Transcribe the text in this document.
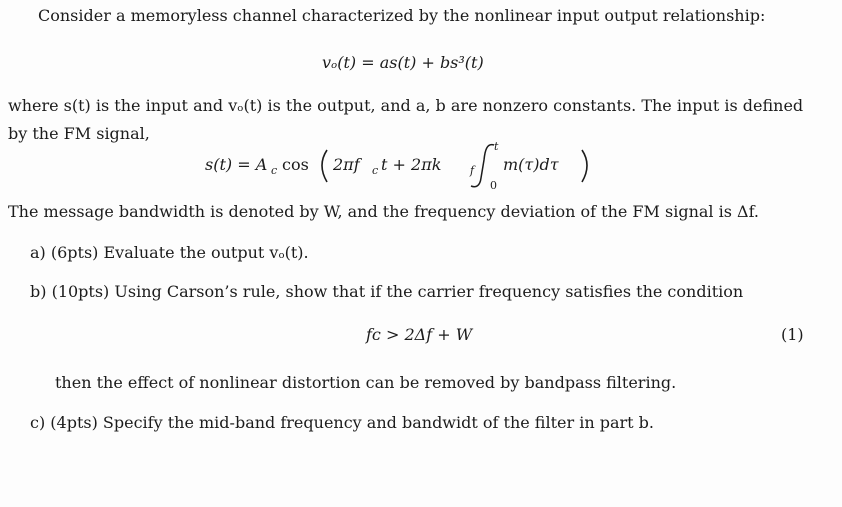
Consider a memoryless channel characterized by the nonlinear input output relationship:
vₒ(t) = as(t) + bs³(t)
where s(t) is the input and vₒ(t) is the output, and a, b are nonzero constants. The input is defined
by the FM signal,
s(t) = A c cos 2πf c t + 2πk	f
t
0
m(τ)dτ
The message bandwidth is denoted by W, and the frequency deviation of the FM signal is Δf.
a) (6pts) Evaluate the output vₒ(t).
b) (10pts) Using Carson’s rule, show that if the carrier frequency satisfies the condition
fᴄ > 2Δf + W	(1)
then the effect of nonlinear distortion can be removed by bandpass filtering.
c) (4pts) Specify the mid-band frequency and bandwidt of the filter in part b.
